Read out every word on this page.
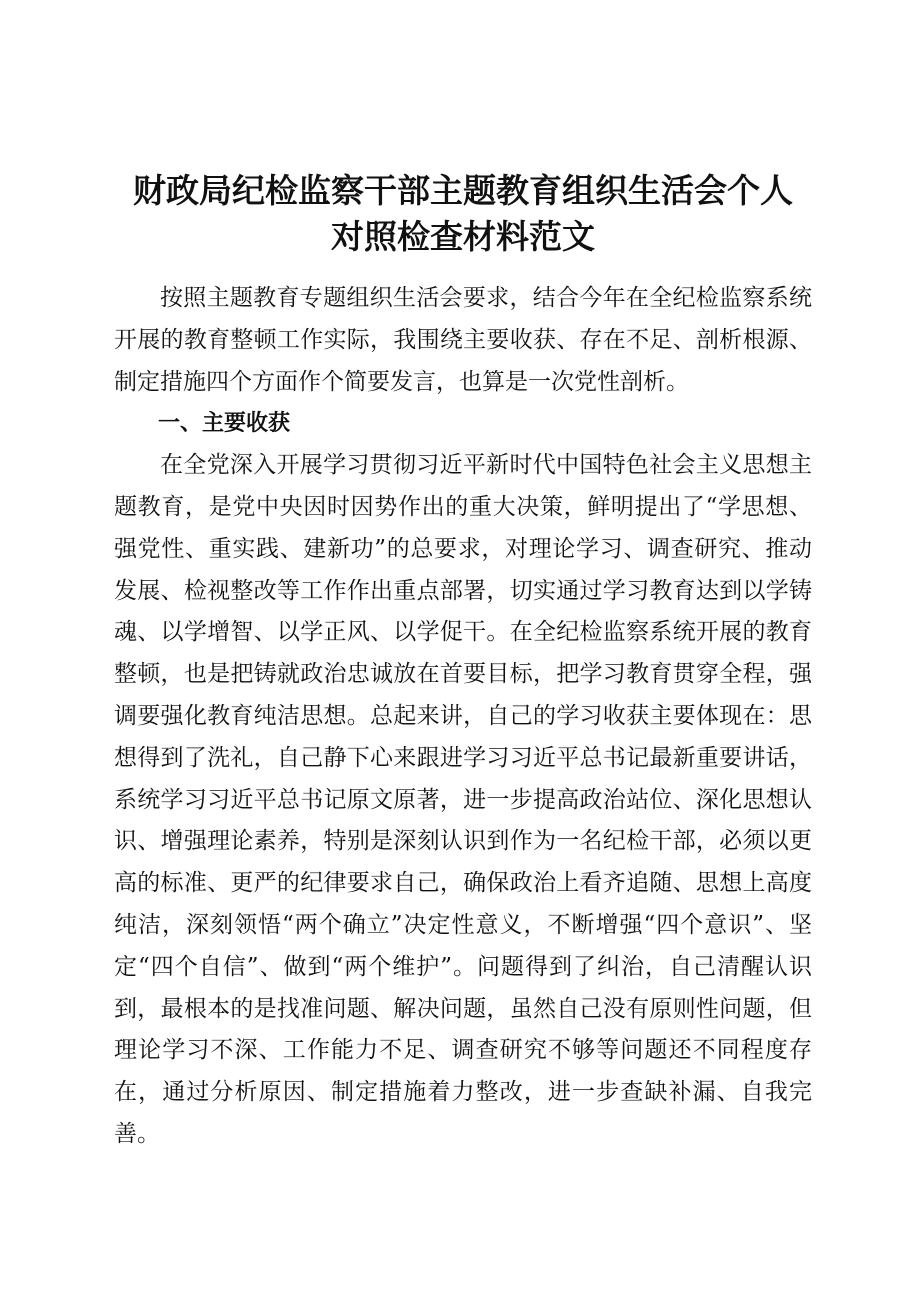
财政局纪检监察干部主题教育组织生活会个人
对照检查材料范文

按照主题教育专题组织生活会要求，结合今年在全纪检监察系统开展的教育整顿工作实际，我围绕主要收获、存在不足、剖析根源、制定措施四个方面作个简要发言，也算是一次党性剖析。

一、主要收获

在全党深入开展学习贯彻习近平新时代中国特色社会主义思想主题教育，是党中央因时因势作出的重大决策，鲜明提出了“学思想、强党性、重实践、建新功”的总要求，对理论学习、调查研究、推动发展、检视整改等工作作出重点部署，切实通过学习教育达到以学铸魂、以学增智、以学正风、以学促干。在全纪检监察系统开展的教育整顿，也是把铸就政治忠诚放在首要目标，把学习教育贯穿全程，强调要强化教育纯洁思想。总起来讲，自己的学习收获主要体现在：思想得到了洗礼，自己静下心来跟进学习习近平总书记最新重要讲话，系统学习习近平总书记原文原著，进一步提高政治站位、深化思想认识、增强理论素养，特别是深刻认识到作为一名纪检干部，必须以更高的标准、更严的纪律要求自己，确保政治上看齐追随、思想上高度纯洁，深刻领悟“两个确立”决定性意义，不断增强“四个意识”、坚定“四个自信”、做到“两个维护”。问题得到了纠治，自己清醒认识到，最根本的是找准问题、解决问题，虽然自己没有原则性问题，但理论学习不深、工作能力不足、调查研究不够等问题还不同程度存在，通过分析原因、制定措施着力整改，进一步查缺补漏、自我完善。
